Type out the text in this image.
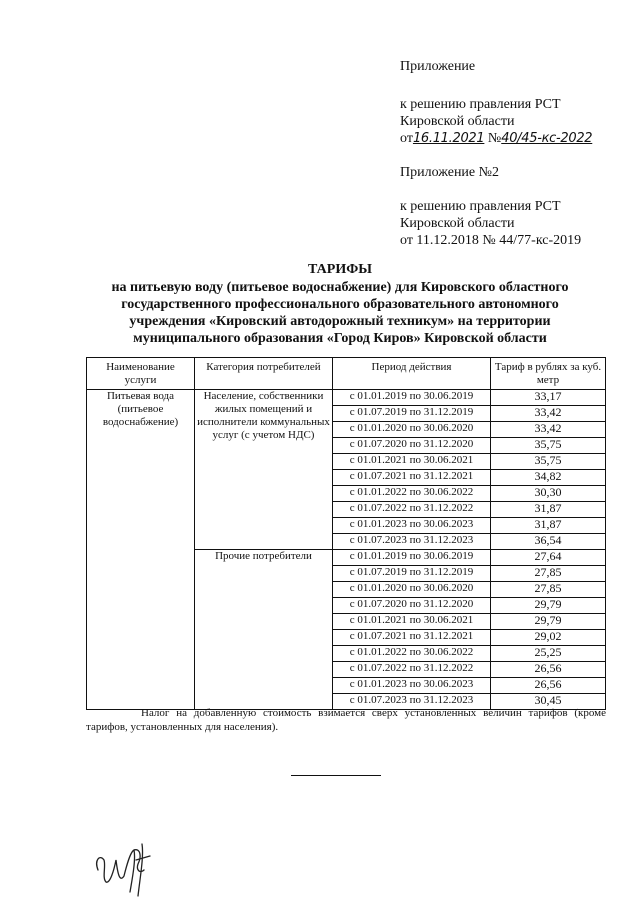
Приложение
к решению правления РСТ
Кировской области
от16.11.2021 №40/45-кс-2022
Приложение №2
к решению правления РСТ
Кировской области
от 11.12.2018 № 44/77-кс-2019
ТАРИФЫ
на питьевую воду (питьевое водоснабжение) для Кировского областного
государственного профессионального образовательного автономного
учреждения «Кировский автодорожный техникум» на территории
муниципального образования «Город Киров» Кировской области
Наименование услуги	Категория потребителей	Период действия	Тариф в рублях за куб. метр
Питьевая вода (питьевое водоснабжение)	Население, собственники жилых помещений и исполнители коммунальных услуг (с учетом НДС)	с 01.01.2019 по 30.06.2019	33,17
		с 01.07.2019 по 31.12.2019	33,42
		с 01.01.2020 по 30.06.2020	33,42
		с 01.07.2020 по 31.12.2020	35,75
		с 01.01.2021 по 30.06.2021	35,75
		с 01.07.2021 по 31.12.2021	34,82
		с 01.01.2022 по 30.06.2022	30,30
		с 01.07.2022 по 31.12.2022	31,87
		с 01.01.2023 по 30.06.2023	31,87
		с 01.07.2023 по 31.12.2023	36,54
	Прочие потребители	с 01.01.2019 по 30.06.2019	27,64
		с 01.07.2019 по 31.12.2019	27,85
		с 01.01.2020 по 30.06.2020	27,85
		с 01.07.2020 по 31.12.2020	29,79
		с 01.01.2021 по 30.06.2021	29,79
		с 01.07.2021 по 31.12.2021	29,02
		с 01.01.2022 по 30.06.2022	25,25
		с 01.07.2022 по 31.12.2022	26,56
		с 01.01.2023 по 30.06.2023	26,56
		с 01.07.2023 по 31.12.2023	30,45
Налог на добавленную стоимость взимается сверх установленных величин тарифов (кроме тарифов, установленных для населения).
